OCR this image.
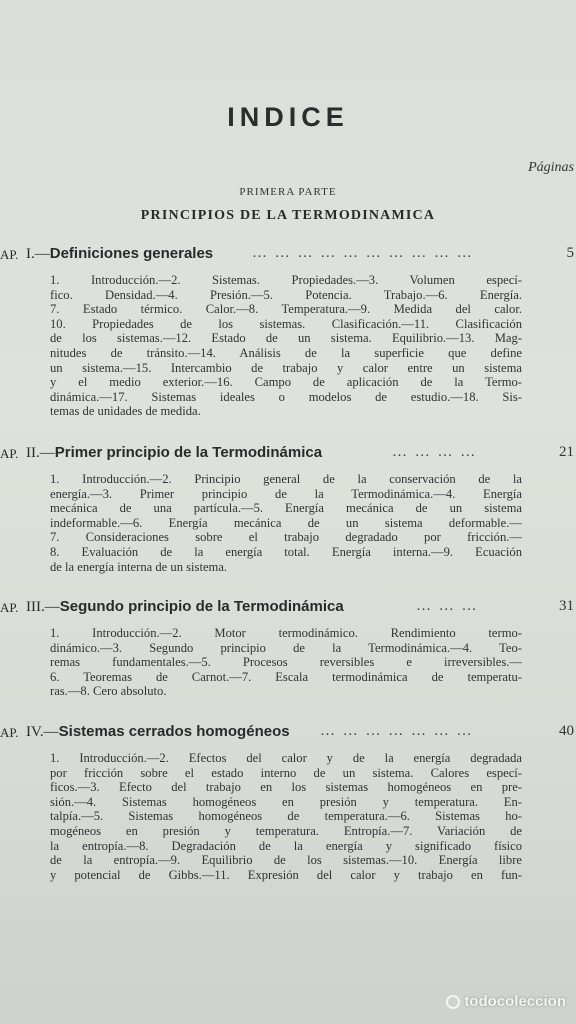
INDICE
Páginas
PRIMERA PARTE
PRINCIPIOS DE LA TERMODINAMICA
AP. I.—Definiciones generales	… … … … … … … … … …	5
1. Introducción.—2. Sistemas. Propiedades.—3. Volumen especí-
fico. Densidad.—4. Presión.—5. Potencia. Trabajo.—6. Energía.
7. Estado térmico. Calor.—8. Temperatura.—9. Medida del calor.
10. Propiedades de los sistemas. Clasificación.—11. Clasificación
de los sistemas.—12. Estado de un sistema. Equilibrio.—13. Mag-
nitudes de tránsito.—14. Análisis de la superficie que define
un sistema.—15. Intercambio de trabajo y calor entre un sistema
y el medio exterior.—16. Campo de aplicación de la Termo-
dinámica.—17. Sistemas ideales o modelos de estudio.—18. Sis-
temas de unidades de medida.
AP. II.—Primer principio de la Termodinámica	… … … …	21
1. Introducción.—2. Principio general de la conservación de la
energía.—3. Primer principio de la Termodinámica.—4. Energía
mecánica de una partícula.—5. Energía mecánica de un sistema
indeformable.—6. Energía mecánica de un sistema deformable.—
7. Consideraciones sobre el trabajo degradado por fricción.—
8. Evaluación de la energía total. Energía interna.—9. Ecuación
de la energía interna de un sistema.
AP. III.—Segundo principio de la Termodinámica	… … …	31
1. Introducción.—2. Motor termodinámico. Rendimiento termo-
dinámico.—3. Segundo principio de la Termodinámica.—4. Teo-
remas fundamentales.—5. Procesos reversibles e irreversibles.—
6. Teoremas de Carnot.—7. Escala termodinámica de temperatu-
ras.—8. Cero absoluto.
AP. IV.—Sistemas cerrados homogéneos … … … … … … …	40
1. Introducción.—2. Efectos del calor y de la energía degradada
por fricción sobre el estado interno de un sistema. Calores especí-
ficos.—3. Efecto del trabajo en los sistemas homogéneos en pre-
sión.—4. Sistemas homogéneos en presión y temperatura. En-
talpía.—5. Sistemas homogéneos de temperatura.—6. Sistemas ho-
mogéneos en presión y temperatura. Entropía.—7. Variación de
la entropía.—8. Degradación de la energía y significado físico
de la entropía.—9. Equilibrio de los sistemas.—10. Energía libre
y potencial de Gibbs.—11. Expresión del calor y trabajo en fun-
todocoleccion
